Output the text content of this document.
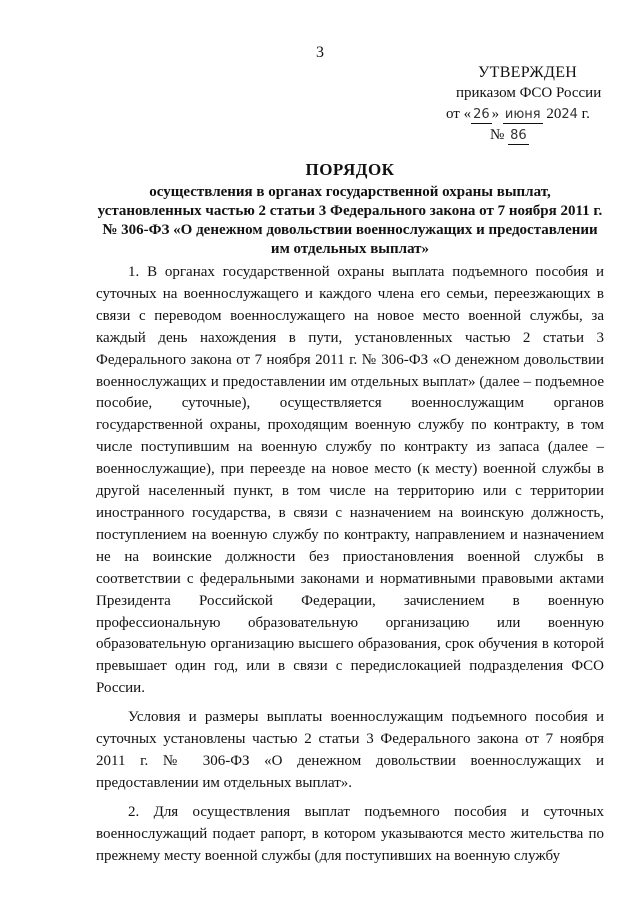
3
УТВЕРЖДЕН
приказом ФСО России
от « 26 » июня 2024 г.
№ 86
ПОРЯДОК
осуществления в органах государственной охраны выплат, установленных частью 2 статьи 3 Федерального закона от 7 ноября 2011 г. № 306-ФЗ «О денежном довольствии военнослужащих и предоставлении им отдельных выплат»

1. В органах государственной охраны выплата подъемного пособия и суточных на военнослужащего и каждого члена его семьи, переезжающих в связи с переводом военнослужащего на новое место военной службы, за каждый день нахождения в пути, установленных частью 2 статьи 3 Федерального закона от 7 ноября 2011 г. № 306-ФЗ «О денежном довольствии военнослужащих и предоставлении им отдельных выплат» (далее – подъемное пособие, суточные), осуществляется военнослужащим органов государственной охраны, проходящим военную службу по контракту, в том числе поступившим на военную службу по контракту из запаса (далее – военнослужащие), при переезде на новое место (к месту) военной службы в другой населенный пункт, в том числе на территорию или с территории иностранного государства, в связи с назначением на воинскую должность, поступлением на военную службу по контракту, направлением и назначением не на воинские должности без приостановления военной службы в соответствии с федеральными законами и нормативными правовыми актами Президента Российской Федерации, зачислением в военную профессиональную образовательную организацию или военную образовательную организацию высшего образования, срок обучения в которой превышает один год, или в связи с передислокацией подразделения ФСО России.

Условия и размеры выплаты военнослужащим подъемного пособия и суточных установлены частью 2 статьи 3 Федерального закона от 7 ноября 2011 г. № 306-ФЗ «О денежном довольствии военнослужащих и предоставлении им отдельных выплат».

2. Для осуществления выплат подъемного пособия и суточных военнослужащий подает рапорт, в котором указываются место жительства по прежнему месту военной службы (для поступивших на военную службу
